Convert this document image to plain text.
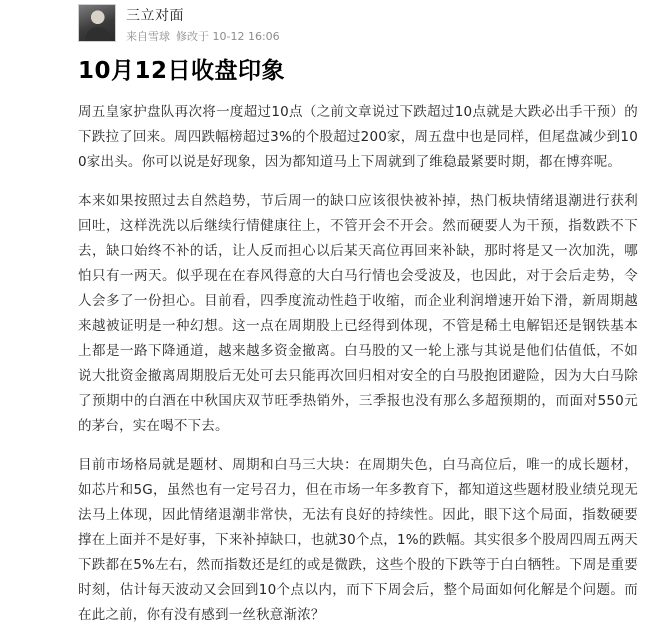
三立对面
来自雪球 修改于 10-12 16:06
10月12日收盘印象

周五皇家护盘队再次将一度超过10点（之前文章说过下跌超过10点就是大跌必出手干预）的下跌拉了回来。周四跌幅榜超过3%的个股超过200家，周五盘中也是同样，但尾盘减少到100家出头。你可以说是好现象，因为都知道马上下周就到了维稳最紧要时期，都在博弈呢。

本来如果按照过去自然趋势，节后周一的缺口应该很快被补掉，热门板块情绪退潮进行获利回吐，这样洗洗以后继续行情健康往上，不管开会不开会。然而硬要人为干预，指数跌不下去，缺口始终不补的话，让人反而担心以后某天高位再回来补缺，那时将是又一次加洗，哪怕只有一两天。似乎现在在春风得意的大白马行情也会受波及，也因此，对于会后走势，令人会多了一份担心。目前看，四季度流动性趋于收缩，而企业利润增速开始下滑，新周期越来越被证明是一种幻想。这一点在周期股上已经得到体现，不管是稀土电解铝还是钢铁基本上都是一路下降通道，越来越多资金撤离。白马股的又一轮上涨与其说是他们估值低，不如说大批资金撤离周期股后无处可去只能再次回归相对安全的白马股抱团避险，因为大白马除了预期中的白酒在中秋国庆双节旺季热销外，三季报也没有那么多超预期的，而面对550元的茅台，实在喝不下去。

目前市场格局就是题材、周期和白马三大块：在周期失色，白马高位后，唯一的成长题材，如芯片和5G，虽然也有一定号召力，但在市场一年多教育下，都知道这些题材股业绩兑现无法马上体现，因此情绪退潮非常快，无法有良好的持续性。因此，眼下这个局面，指数硬要撑在上面并不是好事，下来补掉缺口，也就30个点，1%的跌幅。其实很多个股周四周五两天下跌都在5%左右，然而指数还是红的或是微跌，这些个股的下跌等于白白牺牲。下周是重要时刻，估计每天波动又会回到10个点以内，而下下周会后，整个局面如何化解是个问题。而在此之前，你有没有感到一丝秋意渐浓？
